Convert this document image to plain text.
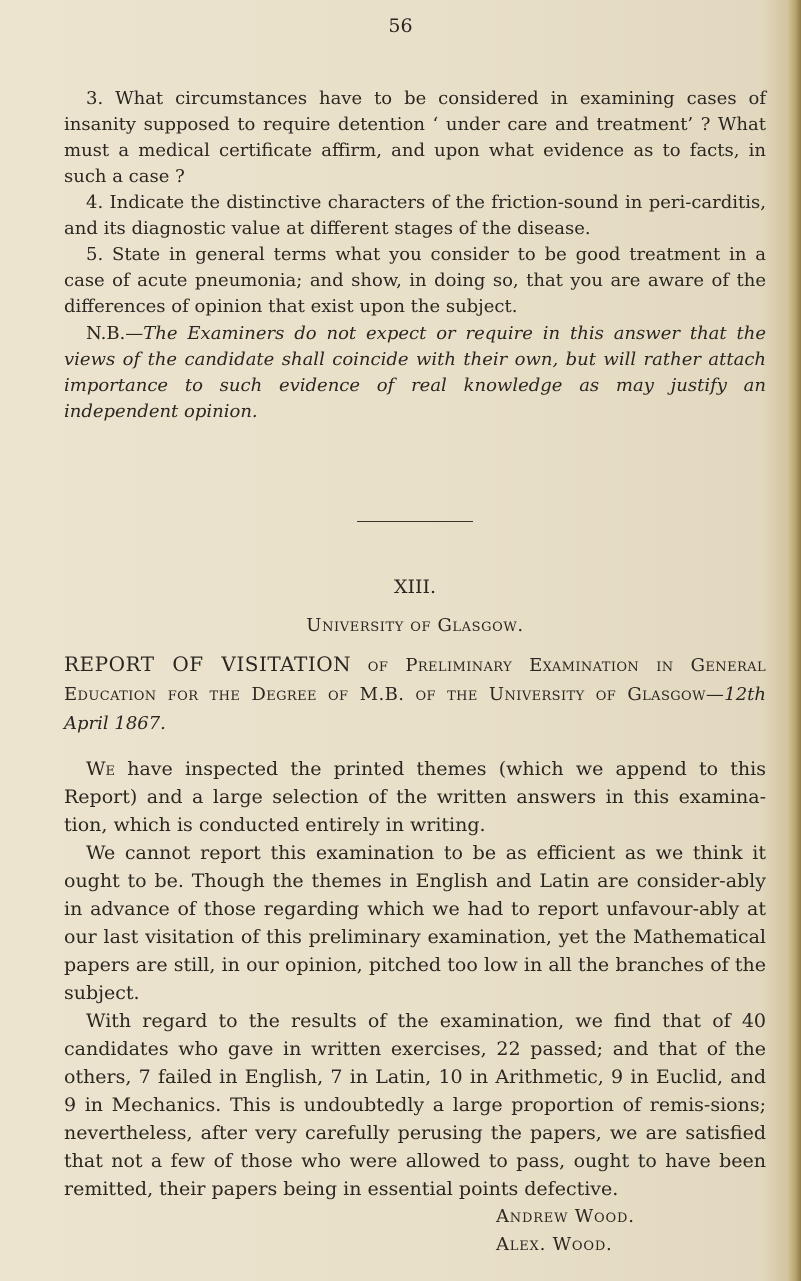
56

3. What circumstances have to be considered in examining cases of insanity supposed to require detention ‘ under care and treatment’ ? What must a medical certificate affirm, and upon what evidence as to facts, in such a case ?

4. Indicate the distinctive characters of the friction-sound in peri-carditis, and its diagnostic value at different stages of the disease.

5. State in general terms what you consider to be good treatment in a case of acute pneumonia; and show, in doing so, that you are aware of the differences of opinion that exist upon the subject.

N.B.—The Examiners do not expect or require in this answer that the views of the candidate shall coincide with their own, but will rather attach importance to such evidence of real knowledge as may justify an independent opinion.

XIII.

University of Glasgow.

REPORT OF VISITATION of Preliminary Examination in General Education for the Degree of M.B. of the University of Glasgow—12th April 1867.

We have inspected the printed themes (which we append to this Report) and a large selection of the written answers in this examina-tion, which is conducted entirely in writing.

We cannot report this examination to be as efficient as we think it ought to be. Though the themes in English and Latin are consider-ably in advance of those regarding which we had to report unfavour-ably at our last visitation of this preliminary examination, yet the Mathematical papers are still, in our opinion, pitched too low in all the branches of the subject.

With regard to the results of the examination, we find that of 40 candidates who gave in written exercises, 22 passed; and that of the others, 7 failed in English, 7 in Latin, 10 in Arithmetic, 9 in Euclid, and 9 in Mechanics. This is undoubtedly a large proportion of remis-sions; nevertheless, after very carefully perusing the papers, we are satisfied that not a few of those who were allowed to pass, ought to have been remitted, their papers being in essential points defective.

Andrew Wood.

Alex. Wood.
